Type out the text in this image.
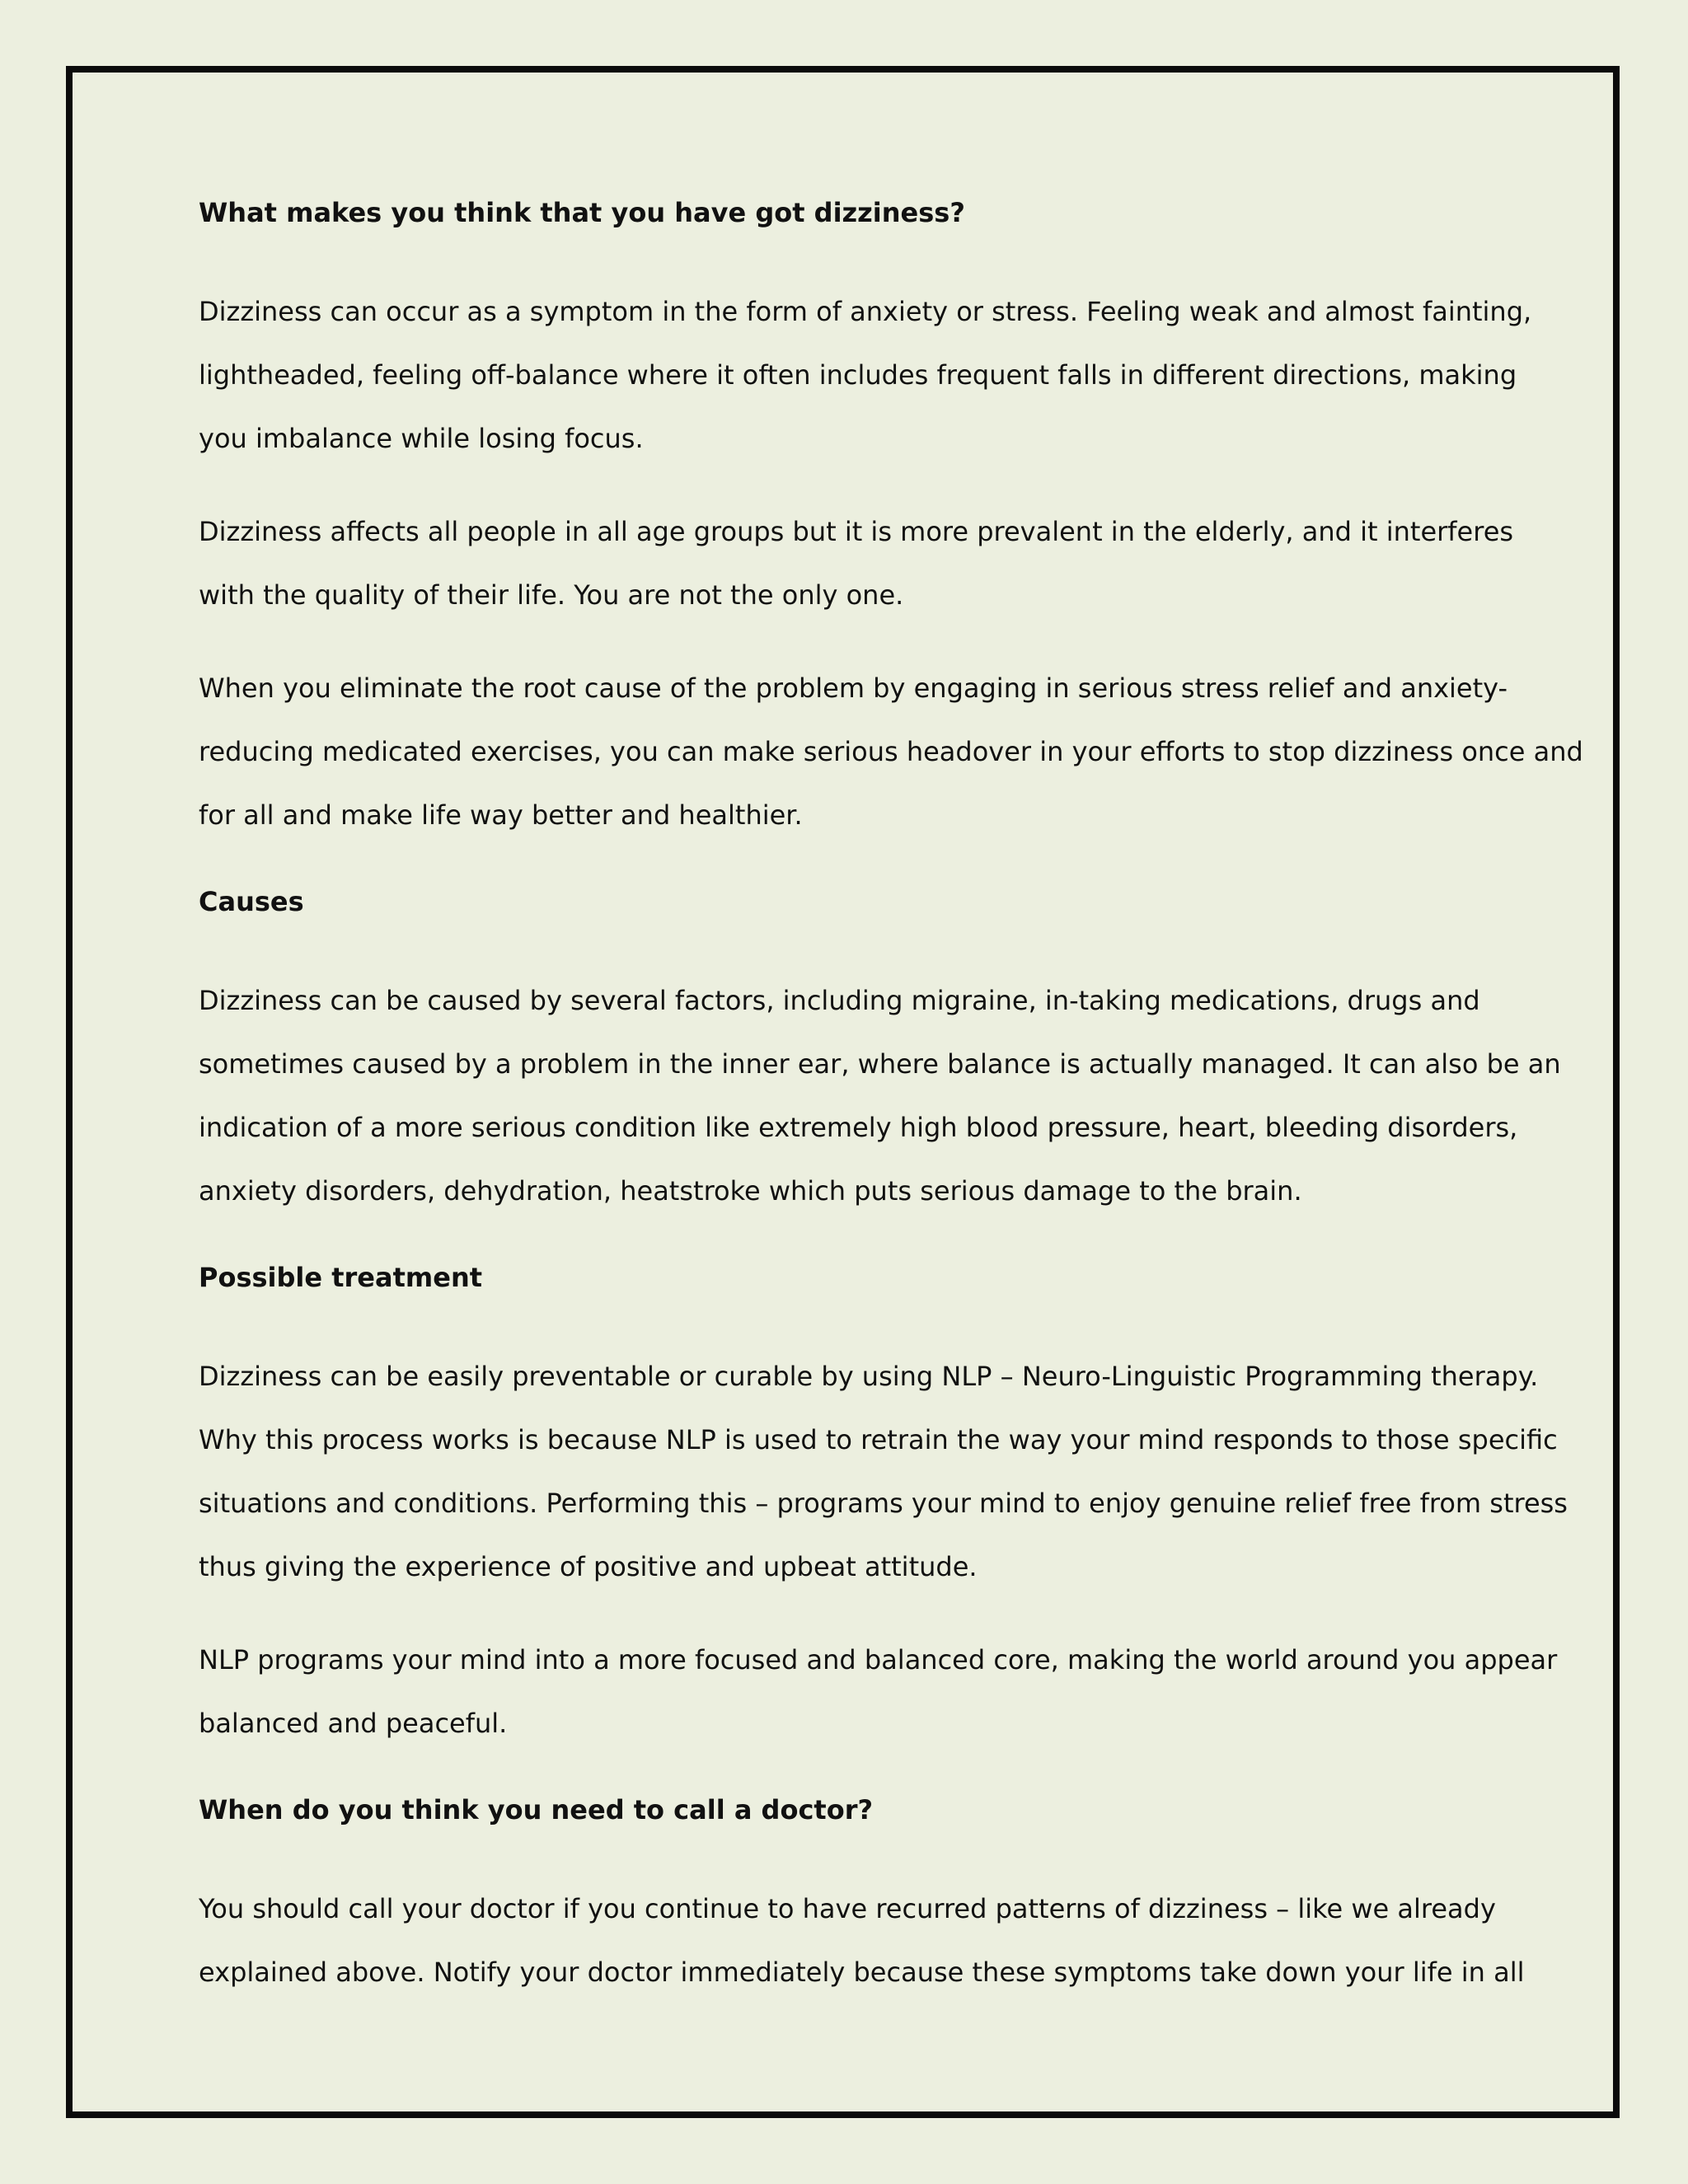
What makes you think that you have got dizziness?
Dizziness can occur as a symptom in the form of anxiety or stress. Feeling weak and almost fainting,
lightheaded, feeling off-balance where it often includes frequent falls in different directions, making
you imbalance while losing focus.
Dizziness affects all people in all age groups but it is more prevalent in the elderly, and it interferes
with the quality of their life. You are not the only one.
When you eliminate the root cause of the problem by engaging in serious stress relief and anxiety-
reducing medicated exercises, you can make serious headover in your efforts to stop dizziness once and
for all and make life way better and healthier.
Causes
Dizziness can be caused by several factors, including migraine, in-taking medications, drugs and
sometimes caused by a problem in the inner ear, where balance is actually managed. It can also be an
indication of a more serious condition like extremely high blood pressure, heart, bleeding disorders,
anxiety disorders, dehydration, heatstroke which puts serious damage to the brain.
Possible treatment
Dizziness can be easily preventable or curable by using NLP – Neuro-Linguistic Programming therapy.
Why this process works is because NLP is used to retrain the way your mind responds to those specific
situations and conditions. Performing this – programs your mind to enjoy genuine relief free from stress
thus giving the experience of positive and upbeat attitude.
NLP programs your mind into a more focused and balanced core, making the world around you appear
balanced and peaceful.
When do you think you need to call a doctor?
You should call your doctor if you continue to have recurred patterns of dizziness – like we already
explained above. Notify your doctor immediately because these symptoms take down your life in all
